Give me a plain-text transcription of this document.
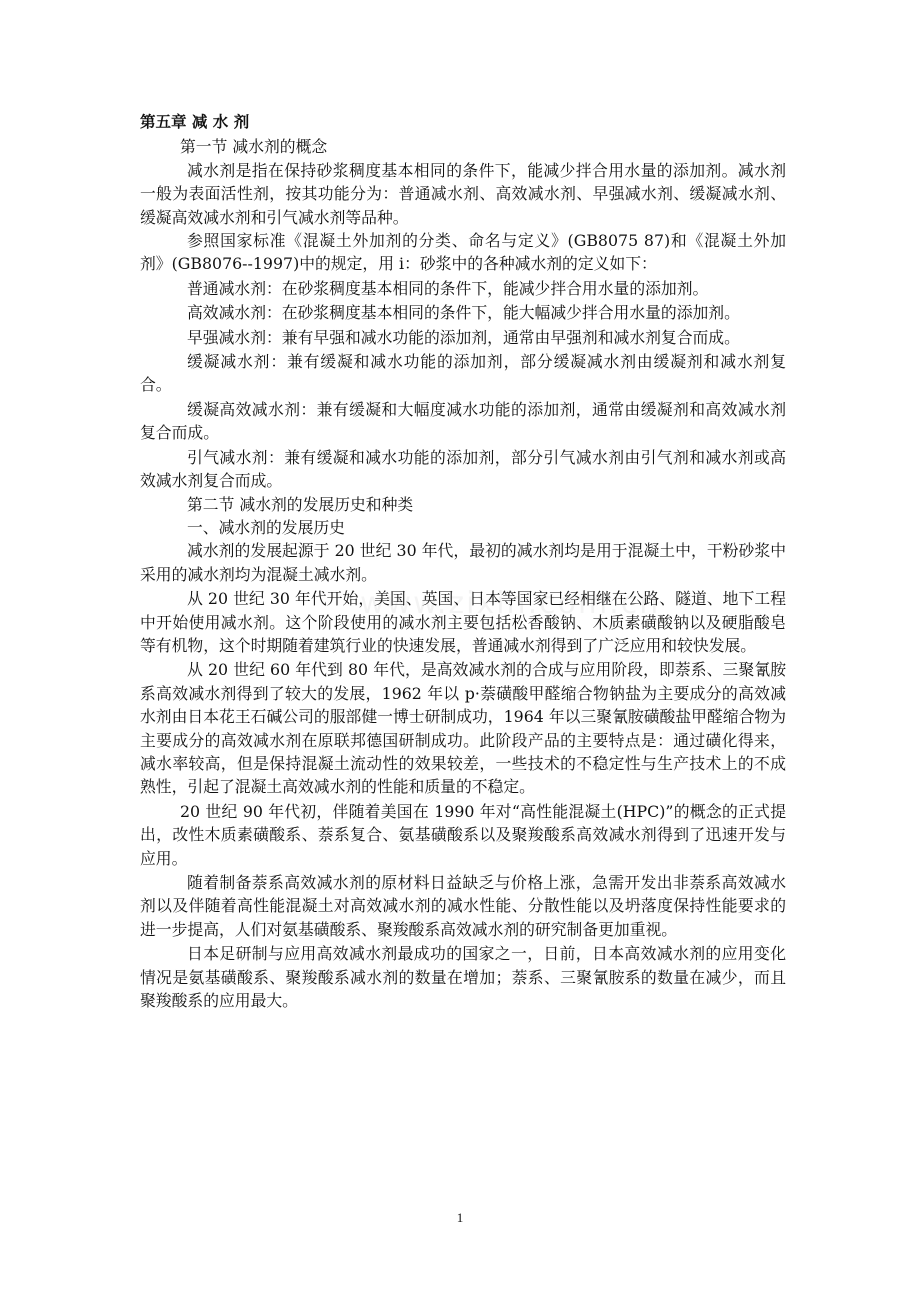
第五章 减 水 剂

第一节 减水剂的概念

减水剂是指在保持砂浆稠度基本相同的条件下，能减少拌合用水量的添加剂。减水剂一般为表面活性剂，按其功能分为：普通减水剂、高效减水剂、早强减水剂、缓凝减水剂、缓凝高效减水剂和引气减水剂等品种。

参照国家标准《混凝土外加剂的分类、命名与定义》(GB8075 87)和《混凝土外加剂》(GB8076--1997)中的规定，用 i：砂浆中的各种减水剂的定义如下：

普通减水剂：在砂浆稠度基本相同的条件下，能减少拌合用水量的添加剂。

高效减水剂：在砂浆稠度基本相同的条件下，能大幅减少拌合用水量的添加剂。

早强减水剂：兼有早强和减水功能的添加剂，通常由早强剂和减水剂复合而成。

缓凝减水剂：兼有缓凝和减水功能的添加剂，部分缓凝减水剂由缓凝剂和减水剂复合。

缓凝高效减水剂：兼有缓凝和大幅度减水功能的添加剂，通常由缓凝剂和高效减水剂复合而成。

引气减水剂：兼有缓凝和减水功能的添加剂，部分引气减水剂由引气剂和减水剂或高效减水剂复合而成。

第二节 减水剂的发展历史和种类

一、减水剂的发展历史

减水剂的发展起源于 20 世纪 30 年代，最初的减水剂均是用于混凝土中，干粉砂浆中采用的减水剂均为混凝土减水剂。

从 20 世纪 30 年代开始，美国、英国、日本等国家已经相继在公路、隧道、地下工程中开始使用减水剂。这个阶段使用的减水剂主要包括松香酸钠、木质素磺酸钠以及硬脂酸皂等有机物，这个时期随着建筑行业的快速发展，普通减水剂得到了广泛应用和较快发展。

从 20 世纪 60 年代到 80 年代，是高效减水剂的合成与应用阶段，即萘系、三聚氰胺系高效减水剂得到了较大的发展，1962 年以 p·萘磺酸甲醛缩合物钠盐为主要成分的高效减水剂由日本花王石碱公司的服部健一博士研制成功，1964 年以三聚氰胺磺酸盐甲醛缩合物为主要成分的高效减水剂在原联邦德国研制成功。此阶段产品的主要特点是：通过磺化得来，减水率较高，但是保持混凝土流动性的效果较差，一些技术的不稳定性与生产技术上的不成熟性，引起了混凝土高效减水剂的性能和质量的不稳定。

20 世纪 90 年代初，伴随着美国在 1990 年对“高性能混凝土(HPC)”的概念的正式提出，改性木质素磺酸系、萘系复合、氨基磺酸系以及聚羧酸系高效减水剂得到了迅速开发与应用。

随着制备萘系高效减水剂的原材料日益缺乏与价格上涨，急需开发出非萘系高效减水剂以及伴随着高性能混凝土对高效减水剂的减水性能、分散性能以及坍落度保持性能要求的进一步提高，人们对氨基磺酸系、聚羧酸系高效减水剂的研究制备更加重视。

日本足研制与应用高效减水剂最成功的国家之一，日前，日本高效减水剂的应用变化情况是氨基磺酸系、聚羧酸系减水剂的数量在增加；萘系、三聚氰胺系的数量在减少，而且聚羧酸系的应用最大。

1
